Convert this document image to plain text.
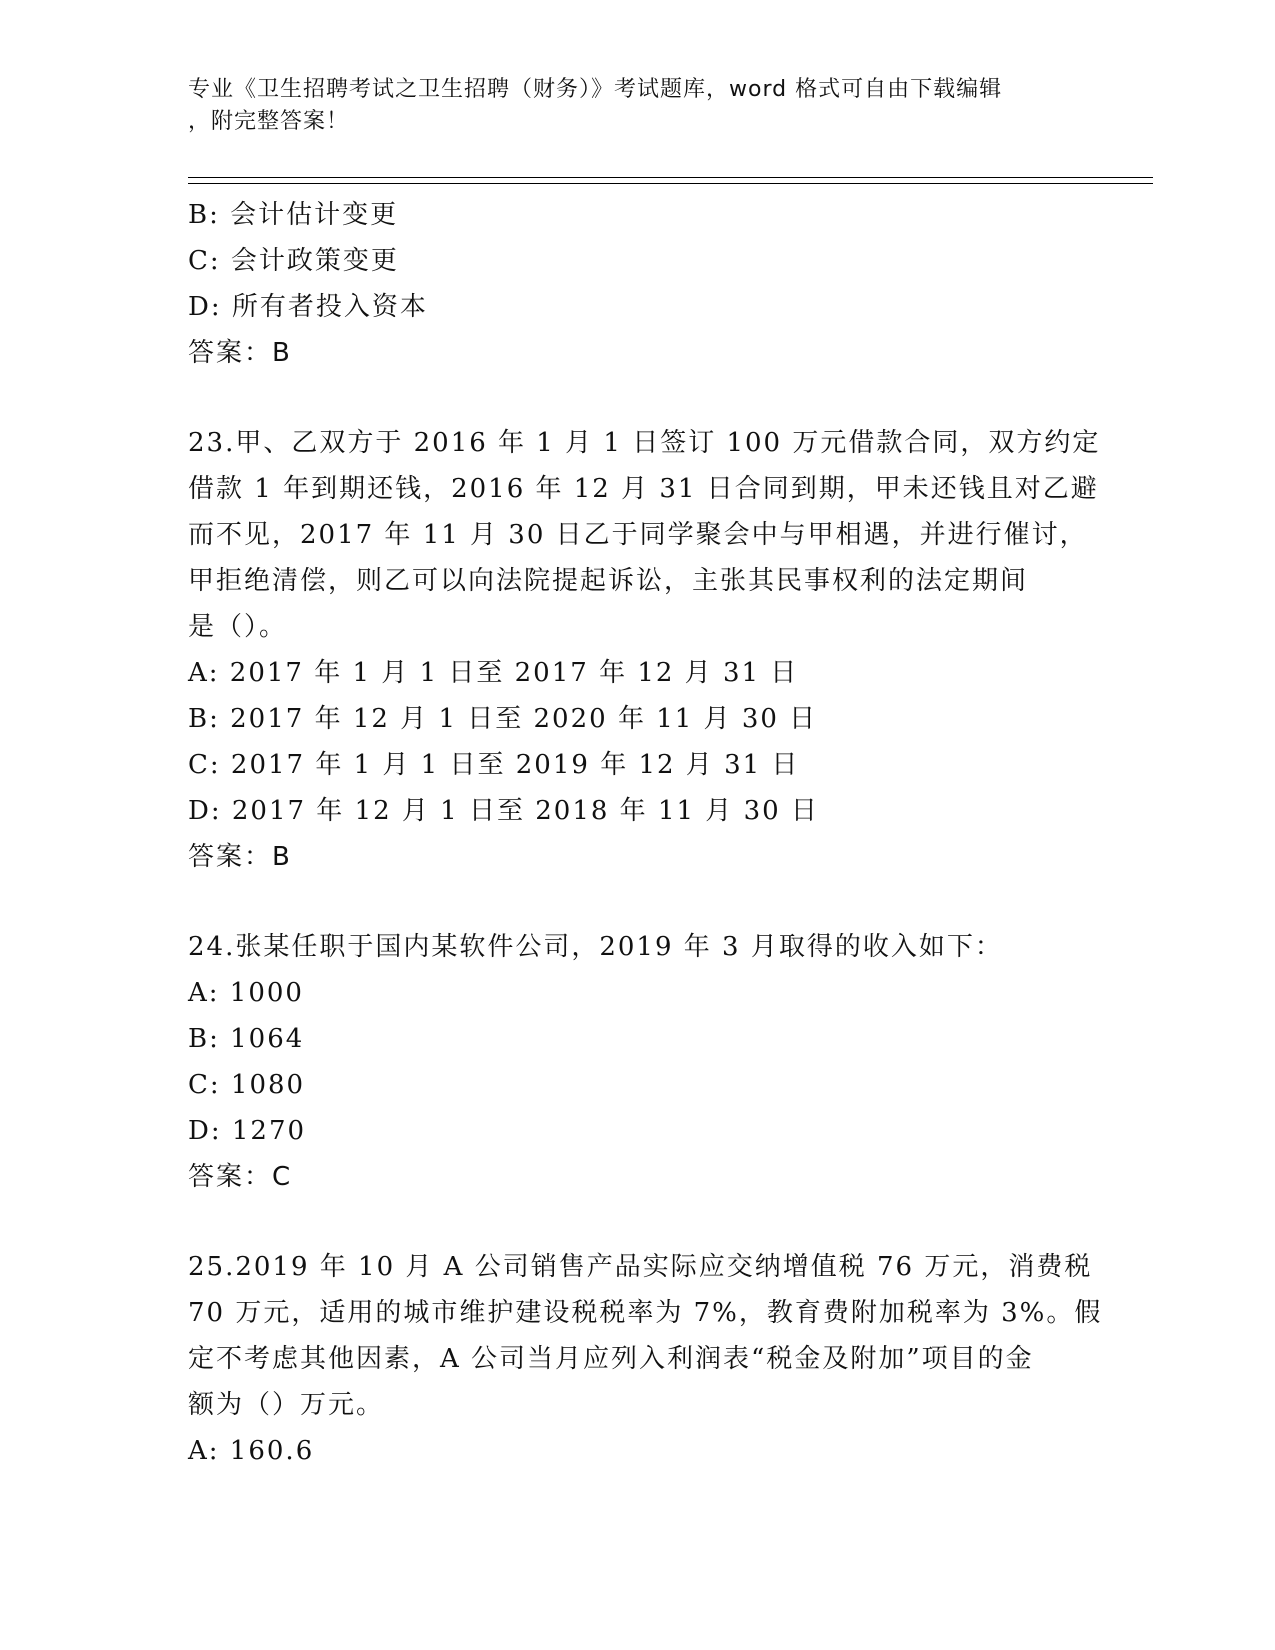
专业《卫生招聘考试之卫生招聘（财务）》考试题库，word 格式可自由下载编辑
，附完整答案！
B: 会计估计变更
C: 会计政策变更
D: 所有者投入资本
答案：B
23.甲、乙双方于 2016 年 1 月 1 日签订 100 万元借款合同，双方约定
借款 1 年到期还钱，2016 年 12 月 31 日合同到期，甲未还钱且对乙避
而不见，2017 年 11 月 30 日乙于同学聚会中与甲相遇，并进行催讨，
甲拒绝清偿，则乙可以向法院提起诉讼，主张其民事权利的法定期间
是（）。
A: 2017 年 1 月 1 日至 2017 年 12 月 31 日
B: 2017 年 12 月 1 日至 2020 年 11 月 30 日
C: 2017 年 1 月 1 日至 2019 年 12 月 31 日
D: 2017 年 12 月 1 日至 2018 年 11 月 30 日
答案：B
24.张某任职于国内某软件公司，2019 年 3 月取得的收入如下：
A: 1000
B: 1064
C: 1080
D: 1270
答案：C
25.2019 年 10 月 A 公司销售产品实际应交纳增值税 76 万元，消费税
70 万元，适用的城市维护建设税税率为 7%，教育费附加税率为 3%。假
定不考虑其他因素，A 公司当月应列入利润表“税金及附加”项目的金
额为（）万元。
A: 160.6
